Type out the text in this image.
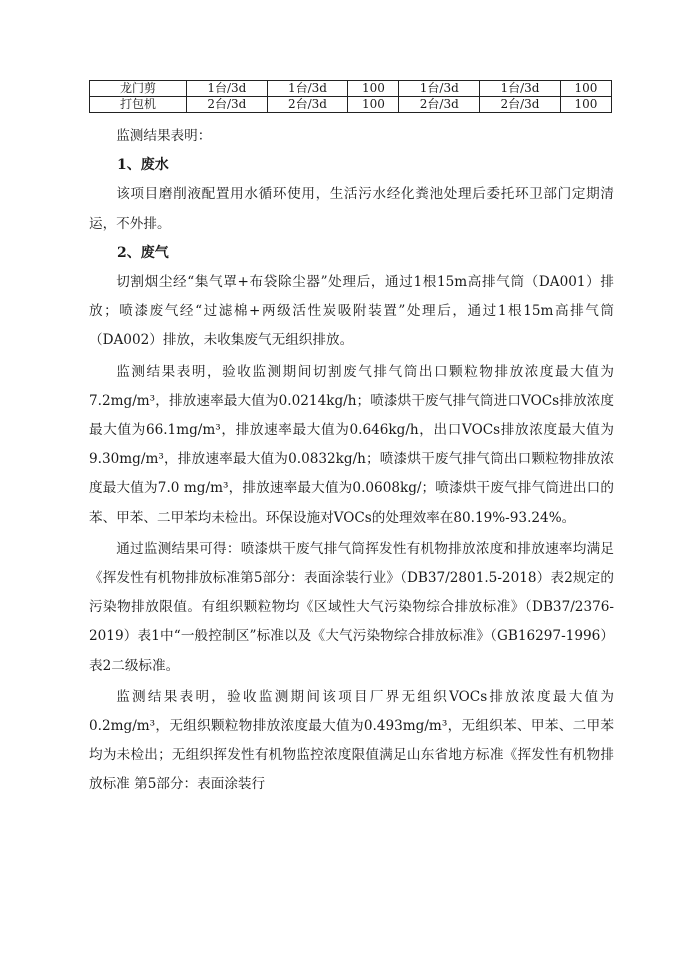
龙门剪	1台/3d	1台/3d	100	1台/3d	1台/3d	100
打包机	2台/3d	2台/3d	100	2台/3d	2台/3d	100

监测结果表明：

1、废水

该项目磨削液配置用水循环使用，生活污水经化粪池处理后委托环卫部门定期清运，不外排。

2、废气

切割烟尘经“集气罩+布袋除尘器”处理后，通过1根15m高排气筒（DA001）排放；喷漆废气经“过滤棉+两级活性炭吸附装置”处理后，通过1根15m高排气筒（DA002）排放，未收集废气无组织排放。

监测结果表明，验收监测期间切割废气排气筒出口颗粒物排放浓度最大值为7.2mg/m³，排放速率最大值为0.0214kg/h；喷漆烘干废气排气筒进口VOCs排放浓度最大值为66.1mg/m³，排放速率最大值为0.646kg/h，出口VOCs排放浓度最大值为9.30mg/m³，排放速率最大值为0.0832kg/h；喷漆烘干废气排气筒出口颗粒物排放浓度最大值为7.0 mg/m³，排放速率最大值为0.0608kg/；喷漆烘干废气排气筒进出口的苯、甲苯、二甲苯均未检出。环保设施对VOCs的处理效率在80.19%-93.24%。

通过监测结果可得：喷漆烘干废气排气筒挥发性有机物排放浓度和排放速率均满足《挥发性有机物排放标准第5部分：表面涂装行业》（DB37/2801.5-2018）表2规定的污染物排放限值。有组织颗粒物均《区域性大气污染物综合排放标准》（DB37/2376-2019）表1中“一般控制区”标准以及《大气污染物综合排放标准》（GB16297-1996）表2二级标准。

监测结果表明，验收监测期间该项目厂界无组织VOCs排放浓度最大值为0.2mg/m³，无组织颗粒物排放浓度最大值为0.493mg/m³，无组织苯、甲苯、二甲苯均为未检出；无组织挥发性有机物监控浓度限值满足山东省地方标准《挥发性有机物排放标准 第5部分：表面涂装行
